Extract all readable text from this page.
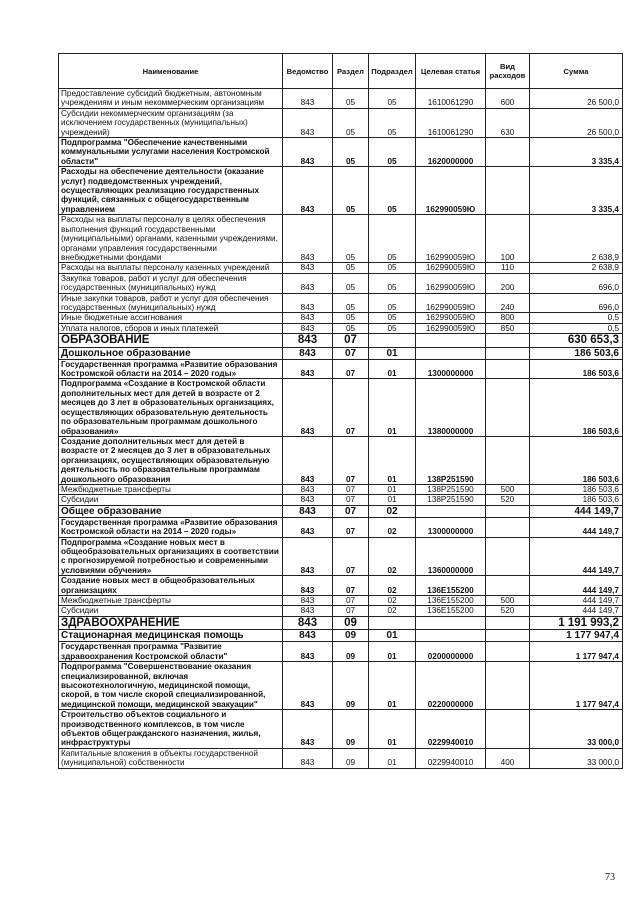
Наименование	Ведомство	Раздел	Подраздел	Целевая статья	Вид расходов	Сумма
Предоставление субсидий бюджетным, автономным учреждениям и иным некоммерческим организациям	843	05	05	1610061290	600	26 500,0
Субсидии некоммерческим организациям (за исключением государственных (муниципальных) учреждений)	843	05	05	1610061290	630	26 500,0
Подпрограмма "Обеспечение качественными коммунальными услугами населения Костромской области"	843	05	05	1620000000		3 335,4
Расходы на обеспечение деятельности (оказание услуг) подведомственных учреждений, осуществляющих реализацию государственных функций, связанных с общегосударственным управлением	843	05	05	162990059Ю		3 335,4
Расходы на выплаты персоналу в целях обеспечения выполнения функций государственными (муниципальными) органами, казенными учреждениями, органами управления государственными внебюджетными фондами	843	05	05	162990059Ю	100	2 638,9
Расходы на выплаты персоналу казенных учреждений	843	05	05	162990059Ю	110	2 638,9
Закупка товаров, работ и услуг для обеспечения государственных (муниципальных) нужд	843	05	05	162990059Ю	200	696,0
Иные закупки товаров, работ и услуг для обеспечения государственных (муниципальных) нужд	843	05	05	162990059Ю	240	696,0
Иные бюджетные ассигнования	843	05	05	162990059Ю	800	0,5
Уплата налогов, сборов и иных платежей	843	05	05	162990059Ю	850	0,5
ОБРАЗОВАНИЕ	843	07				630 653,3
Дошкольное образование	843	07	01			186 503,6
Государственная программа «Развитие образования Костромской области на 2014 – 2020 годы»	843	07	01	1300000000		186 503,6
Подпрограмма «Создание в Костромской области дополнительных мест для детей в возрасте от 2 месяцев до 3 лет в образовательных организациях, осуществляющих образовательную деятельность по образовательным программам дошкольного образования»	843	07	01	1380000000		186 503,6
Создание дополнительных мест для детей в возрасте от 2 месяцев до 3 лет в образовательных организациях, осуществляющих образовательную деятельность по образовательным программам дошкольного образования	843	07	01	138Р251590		186 503,6
Межбюджетные трансферты	843	07	01	138Р251590	500	186 503,6
Субсидии	843	07	01	138Р251590	520	186 503,6
Общее образование	843	07	02			444 149,7
Государственная программа «Развитие образования Костромской области на 2014 – 2020 годы»	843	07	02	1300000000		444 149,7
Подпрограмма «Создание новых мест в общеобразовательных организациях в соответствии с прогнозируемой потребностью и современными условиями обучения»	843	07	02	1360000000		444 149,7
Создание новых мест в общеобразовательных организациях	843	07	02	136Е155200		444 149,7
Межбюджетные трансферты	843	07	02	136Е155200	500	444 149,7
Субсидии	843	07	02	136Е155200	520	444 149,7
ЗДРАВООХРАНЕНИЕ	843	09				1 191 993,2
Стационарная медицинская помощь	843	09	01			1 177 947,4
Государственная программа "Развитие здравоохранения Костромской области"	843	09	01	0200000000		1 177 947,4
Подпрограмма "Совершенствование оказания специализированной, включая высокотехнологичную, медицинской помощи, скорой, в том числе скорой специализированной, медицинской помощи, медицинской эвакуации"	843	09	01	0220000000		1 177 947,4
Строительство объектов социального и производственного комплексов, в том числе объектов общегражданского назначения, жилья, инфраструктуры	843	09	01	0229940010		33 000,0
Капитальные вложения в объекты государственной (муниципальной) собственности	843	09	01	0229940010	400	33 000,0
73
